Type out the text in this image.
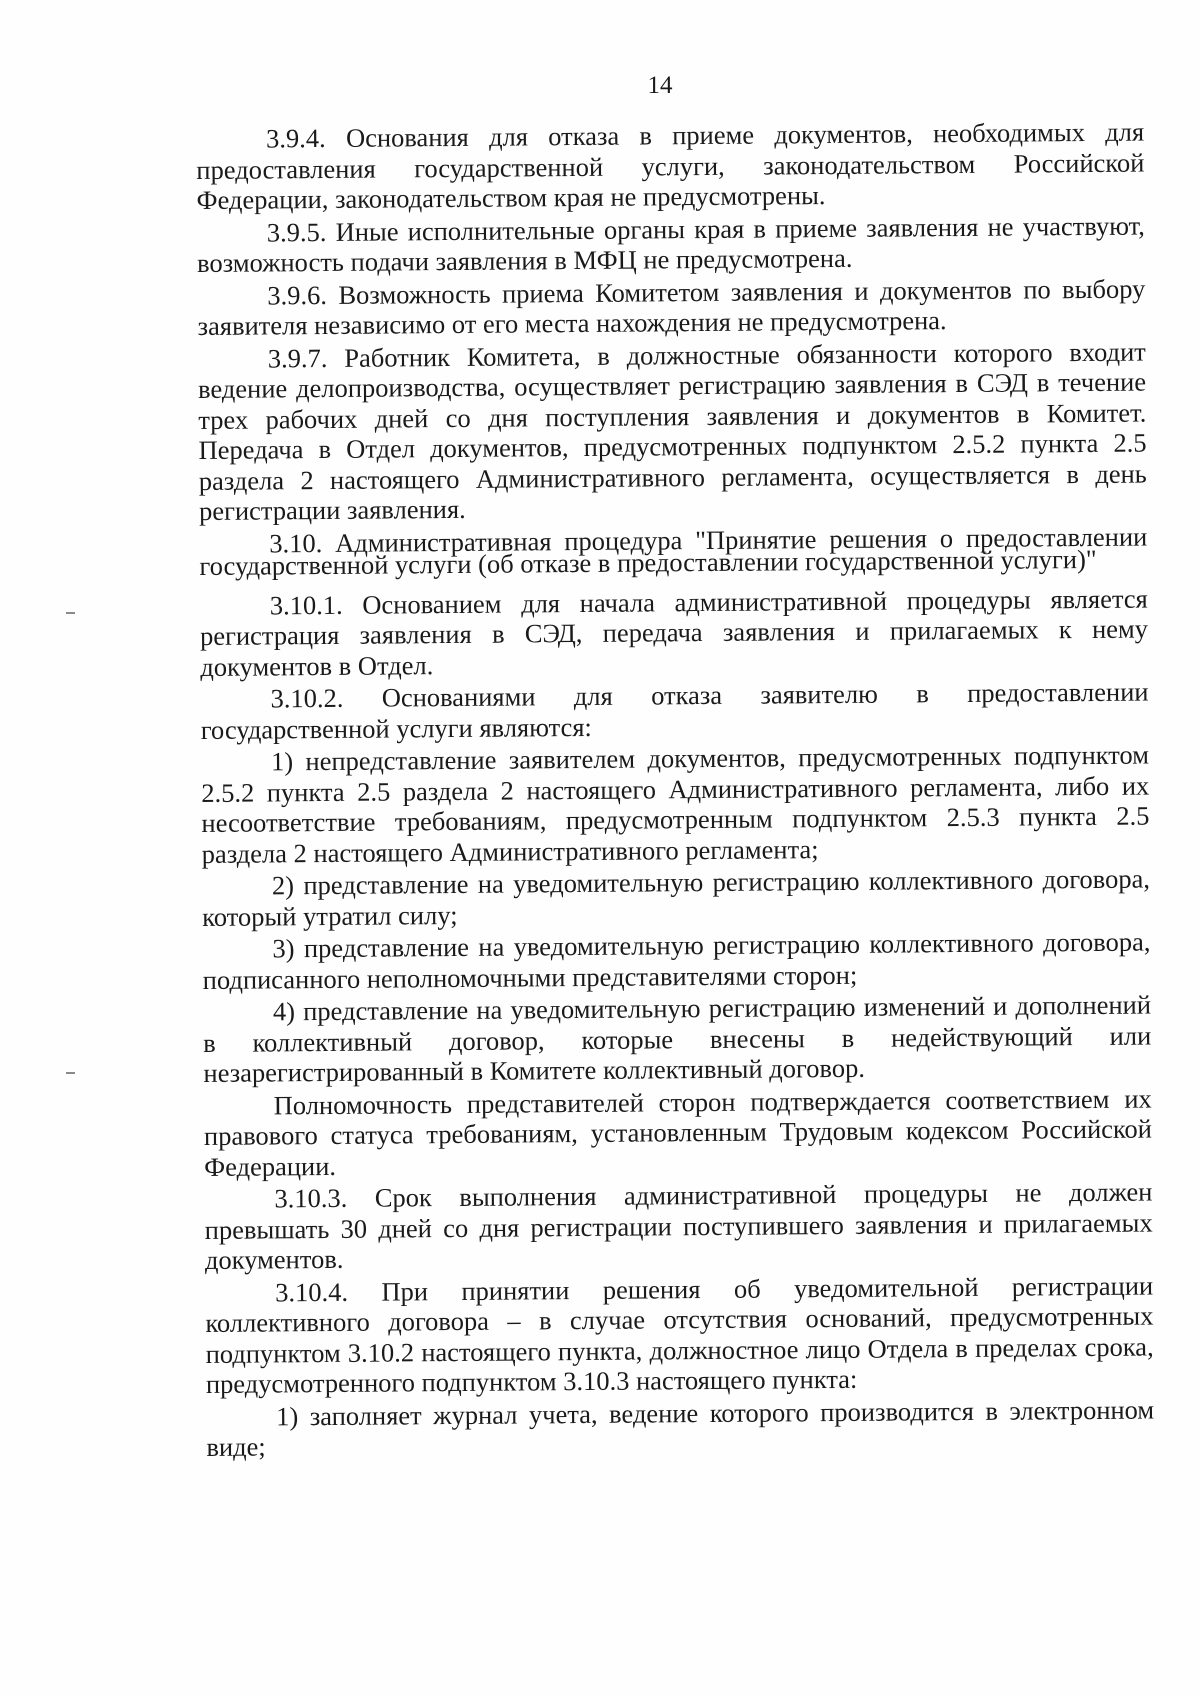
14

3.9.4. Основания для отказа в приеме документов, необходимых для предоставления государственной услуги, законодательством Российской Федерации, законодательством края не предусмотрены.

3.9.5. Иные исполнительные органы края в приеме заявления не участвуют, возможность подачи заявления в МФЦ не предусмотрена.

3.9.6. Возможность приема Комитетом заявления и документов по выбору заявителя независимо от его места нахождения не предусмотрена.

3.9.7. Работник Комитета, в должностные обязанности которого входит ведение делопроизводства, осуществляет регистрацию заявления в СЭД в течение трех рабочих дней со дня поступления заявления и документов в Комитет. Передача в Отдел документов, предусмотренных подпунктом 2.5.2 пункта 2.5 раздела 2 настоящего Административного регламента, осуществляется в день регистрации заявления.

3.10. Административная процедура "Принятие решения о предоставлении государственной услуги (об отказе в предоставлении государственной услуги)"

3.10.1. Основанием для начала административной процедуры является регистрация заявления в СЭД, передача заявления и прилагаемых к нему документов в Отдел.

3.10.2. Основаниями для отказа заявителю в предоставлении государственной услуги являются:

1) непредставление заявителем документов, предусмотренных подпунктом 2.5.2 пункта 2.5 раздела 2 настоящего Административного регламента, либо их несоответствие требованиям, предусмотренным подпунктом 2.5.3 пункта 2.5 раздела 2 настоящего Административного регламента;

2) представление на уведомительную регистрацию коллективного договора, который утратил силу;

3) представление на уведомительную регистрацию коллективного договора, подписанного неполномочными представителями сторон;

4) представление на уведомительную регистрацию изменений и дополнений в коллективный договор, которые внесены в недействующий или незарегистрированный в Комитете коллективный договор.

Полномочность представителей сторон подтверждается соответствием их правового статуса требованиям, установленным Трудовым кодексом Российской Федерации.

3.10.3. Срок выполнения административной процедуры не должен превышать 30 дней со дня регистрации поступившего заявления и прилагаемых документов.

3.10.4. При принятии решения об уведомительной регистрации коллективного договора – в случае отсутствия оснований, предусмотренных подпунктом 3.10.2 настоящего пункта, должностное лицо Отдела в пределах срока, предусмотренного подпунктом 3.10.3 настоящего пункта:

1) заполняет журнал учета, ведение которого производится в электронном виде;
